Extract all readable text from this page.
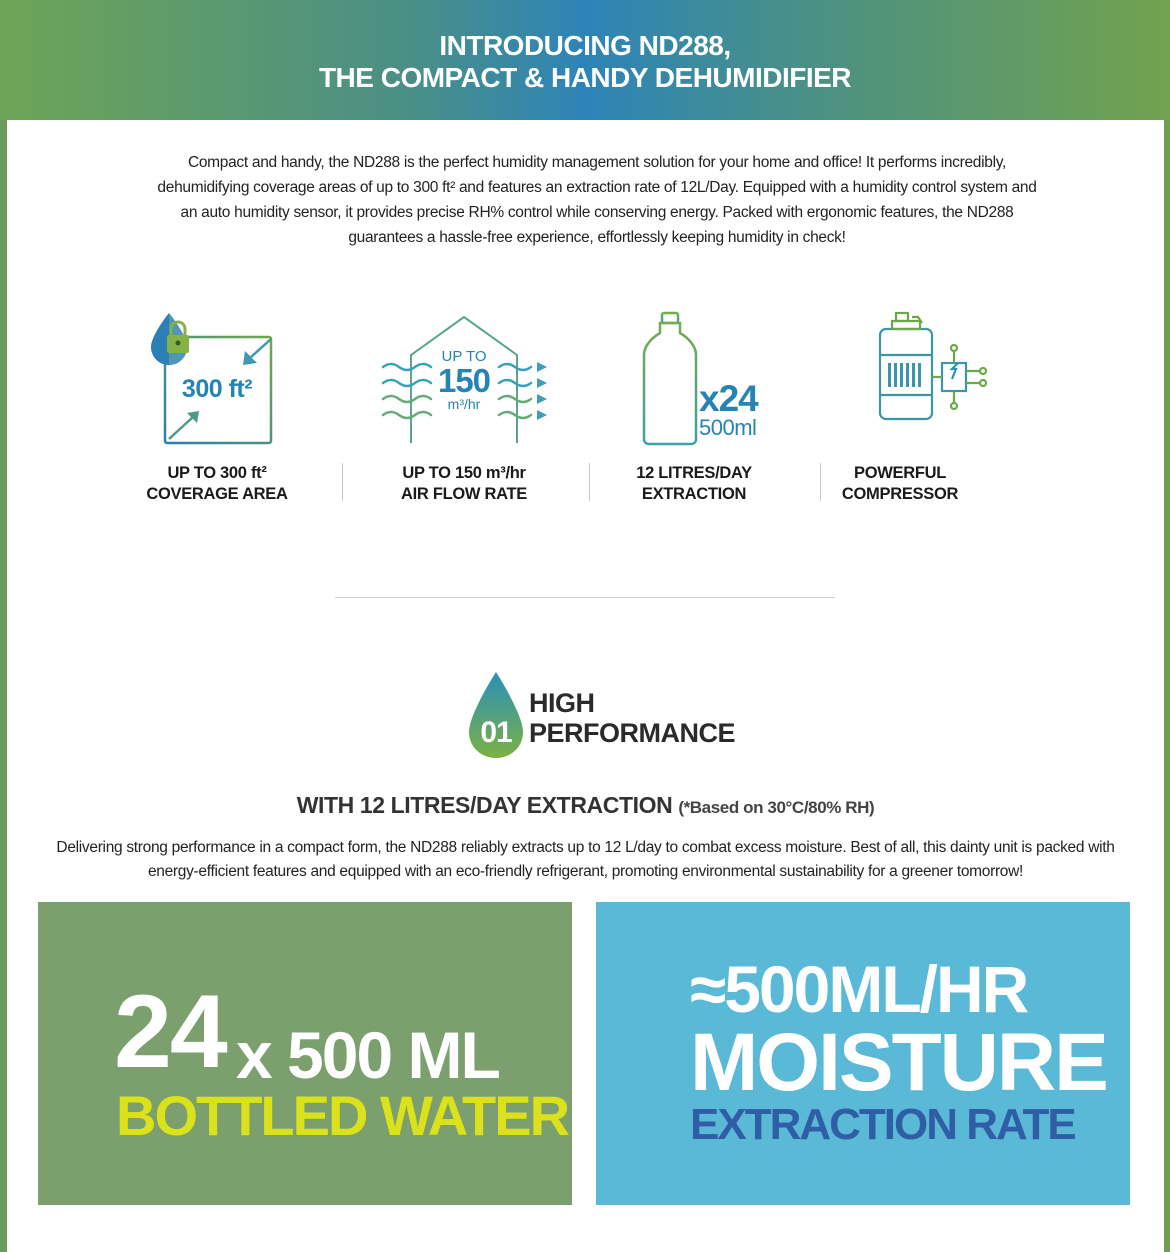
INTRODUCING ND288,
THE COMPACT & HANDY DEHUMIDIFIER
Compact and handy, the ND288 is the perfect humidity management solution for your home and office! It performs incredibly, dehumidifying coverage areas of up to 300 ft² and features an extraction rate of 12L/Day. Equipped with a humidity control system and an auto humidity sensor, it provides precise RH% control while conserving energy. Packed with ergonomic features, the ND288 guarantees a hassle-free experience, effortlessly keeping humidity in check!
300 ft²
UP TO 300 ft²
COVERAGE AREA
UP TO
150
m³/hr
UP TO 150 m³/hr
AIR FLOW RATE
x24
500ml
12 LITRES/DAY
EXTRACTION
POWERFUL
COMPRESSOR
01
HIGH
PERFORMANCE
WITH 12 LITRES/DAY EXTRACTION (*Based on 30°C/80% RH)
Delivering strong performance in a compact form, the ND288 reliably extracts up to 12 L/day to combat excess moisture. Best of all, this dainty unit is packed with energy-efficient features and equipped with an eco-friendly refrigerant, promoting environmental sustainability for a greener tomorrow!
24 x 500 ML
BOTTLED WATER
≈500ML/HR
MOISTURE
EXTRACTION RATE
